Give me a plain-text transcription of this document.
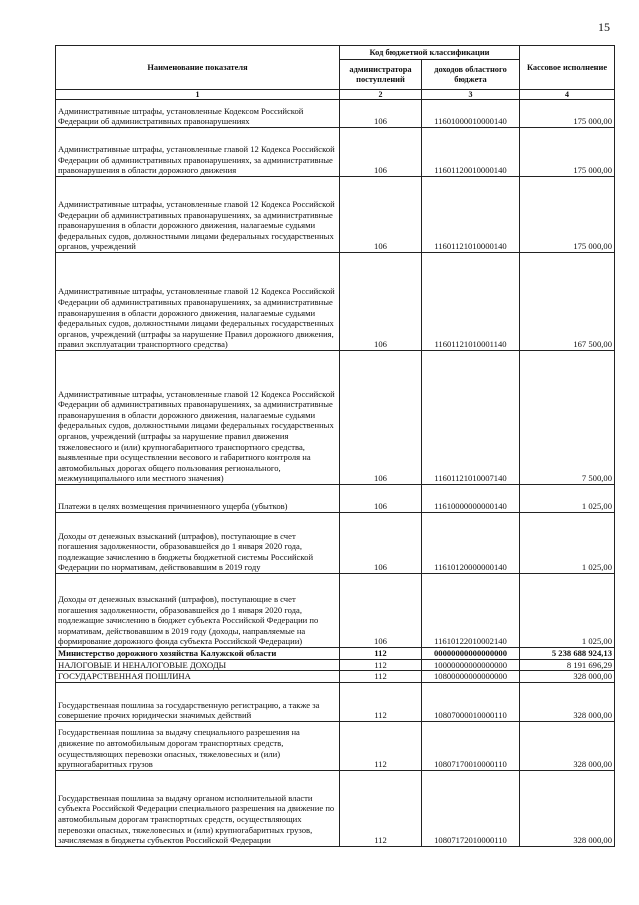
15
Наименование показателя	Код бюджетной классификации		Кассовое исполнение
	администратора поступлений	доходов областного бюджета	
1	2	3	4
Административные штрафы, установленные Кодексом Российской Федерации об административных правонарушениях	106	11601000010000140	175 000,00
Административные штрафы, установленные главой 12 Кодекса Российской Федерации об административных правонарушениях, за административные правонарушения в области дорожного движения	106	11601120010000140	175 000,00
Административные штрафы, установленные главой 12 Кодекса Российской Федерации об административных правонарушениях, за административные правонарушения в области дорожного движения, налагаемые судьями федеральных судов, должностными лицами федеральных государственных органов, учреждений	106	11601121010000140	175 000,00
Административные штрафы, установленные главой 12 Кодекса Российской Федерации об административных правонарушениях, за административные правонарушения в области дорожного движения, налагаемые судьями федеральных судов, должностными лицами федеральных государственных органов, учреждений (штрафы за нарушение Правил дорожного движения, правил эксплуатации транспортного средства)	106	11601121010001140	167 500,00
Административные штрафы, установленные главой 12 Кодекса Российской Федерации об административных правонарушениях, за административные правонарушения в области дорожного движения, налагаемые судьями федеральных судов, должностными лицами федеральных государственных органов, учреждений (штрафы за нарушение правил движения тяжеловесного и (или) крупногабаритного транспортного средства, выявленные при осуществлении весового и габаритного контроля на автомобильных дорогах общего пользования регионального, межмуниципального или местного значения)	106	11601121010007140	7 500,00
Платежи в целях возмещения причиненного ущерба (убытков)	106	11610000000000140	1 025,00
Доходы от денежных взысканий (штрафов), поступающие в счет погашения задолженности, образовавшейся до 1 января 2020 года, подлежащие зачислению в бюджеты бюджетной системы Российской Федерации по нормативам, действовавшим в 2019 году	106	11610120000000140	1 025,00
Доходы от денежных взысканий (штрафов), поступающие в счет погашения задолженности, образовавшейся до 1 января 2020 года, подлежащие зачислению в бюджет субъекта Российской Федерации по нормативам, действовавшим в 2019 году (доходы, направляемые на формирование дорожного фонда субъекта Российской Федерации)	106	11610122010002140	1 025,00
Министерство дорожного хозяйства Калужской области	112	00000000000000000	5 238 688 924,13
НАЛОГОВЫЕ И НЕНАЛОГОВЫЕ ДОХОДЫ	112	10000000000000000	8 191 696,29
ГОСУДАРСТВЕННАЯ ПОШЛИНА	112	10800000000000000	328 000,00
Государственная пошлина за государственную регистрацию, а также за совершение прочих юридически значимых действий	112	10807000010000110	328 000,00
Государственная пошлина за выдачу специального разрешения на движение по автомобильным дорогам транспортных средств, осуществляющих перевозки опасных, тяжеловесных и (или) крупногабаритных грузов	112	10807170010000110	328 000,00
Государственная пошлина за выдачу органом исполнительной власти субъекта Российской Федерации специального разрешения на движение по автомобильным дорогам транспортных средств, осуществляющих перевозки опасных, тяжеловесных и (или) крупногабаритных грузов, зачисляемая в бюджеты субъектов Российской Федерации	112	10807172010000110	328 000,00
